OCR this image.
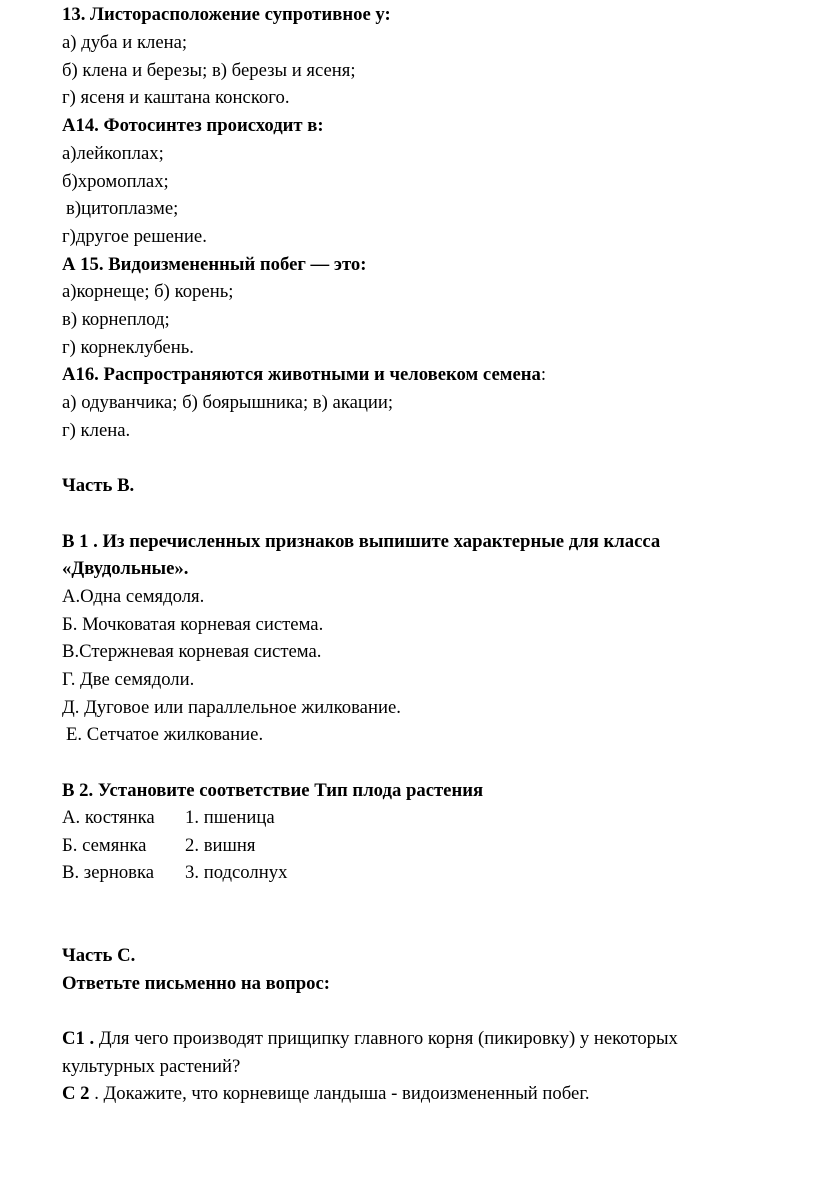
13. Листорасположение супротивное у:
а) дуба и клена;
б) клена и березы; в) березы и ясеня;
г) ясеня и каштана конского.
А14. Фотосинтез происходит в:
а)лейкоплах;
б)хромоплах;
в)цитоплазме;
г)другое решение.
А 15. Видоизмененный побег — это:
а)корнеще; б) корень;
в) корнеплод;
г) корнеклубень.
А16. Распространяются животными и человеком семена:
а) одуванчика; б) боярышника; в) акации;
г) клена.
Часть В.
В 1 . Из перечисленных признаков выпишите характерные для класса
«Двудольные».
А.Одна семядоля.
Б. Мочковатая корневая система.
В.Стержневая корневая система.
Г. Две семядоли.
Д. Дуговое или параллельное жилкование.
Е. Сетчатое жилкование.
В 2. Установите соответствие Тип плода растения
А. костянка 1. пшеница
Б. семянка 2. вишня
В. зерновка 3. подсолнух
Часть С.
Ответьте письменно на вопрос:
С1 . Для чего производят прищипку главного корня (пикировку) у некоторых
культурных растений?
С 2 . Докажите, что корневище ландыша - видоизмененный побег.
